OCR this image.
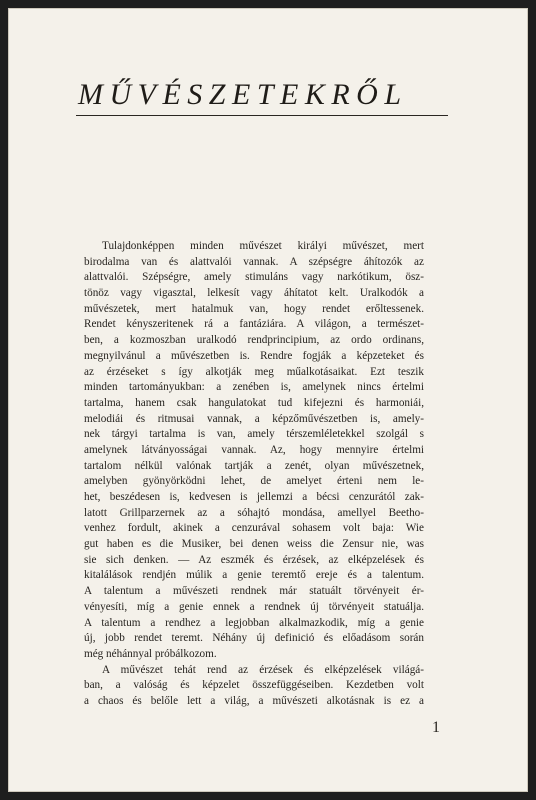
MŰVÉSZETEKRŐL
Tulajdonképpen minden művészet királyi művészet, mert
birodalma van és alattvalói vannak. A szépségre áhítozók az
alattvalói. Szépségre, amely stimuláns vagy narkótikum, ösz-
tönöz vagy vigasztal, lelkesít vagy áhítatot kelt. Uralkodók a
művészetek, mert hatalmuk van, hogy rendet erőltessenek.
Rendet kényszeritenek rá a fantáziára. A világon, a természet-
ben, a kozmoszban uralkodó rendprincipium, az ordo ordinans,
megnyilvánul a művészetben is. Rendre fogják a képzeteket és
az érzéseket s így alkotják meg műalkotásaikat. Ezt teszik
minden tartományukban: a zenében is, amelynek nincs értelmi
tartalma, hanem csak hangulatokat tud kifejezni és harmoniái,
melodiái és ritmusai vannak, a képzőművészetben is, amely-
nek tárgyi tartalma is van, amely térszemléletekkel szolgál s
amelynek látványosságai vannak. Az, hogy mennyire értelmi
tartalom nélkül valónak tartják a zenét, olyan művészetnek,
amelyben gyönyörködni lehet, de amelyet érteni nem le-
het, beszédesen is, kedvesen is jellemzi a bécsi cenzurától zak-
latott Grillparzernek az a sóhajtó mondása, amellyel Beetho-
venhez fordult, akinek a cenzurával sohasem volt baja: Wie
gut haben es die Musiker, bei denen weiss die Zensur nie, was
sie sich denken. — Az eszmék és érzések, az elképzelések és
kitalálások rendjén múlik a genie teremtő ereje és a talentum.
A talentum a művészeti rendnek már statuált törvényeit ér-
vényesíti, míg a genie ennek a rendnek új törvényeit statuálja.
A talentum a rendhez a legjobban alkalmazkodik, míg a genie
új, jobb rendet teremt. Néhány új definició és előadásom során
még néhánnyal próbálkozom.
A művészet tehát rend az érzések és elképzelések világá-
ban, a valóság és képzelet összefüggéseiben. Kezdetben volt
a chaos és belőle lett a világ, a művészeti alkotásnak is ez a
1
